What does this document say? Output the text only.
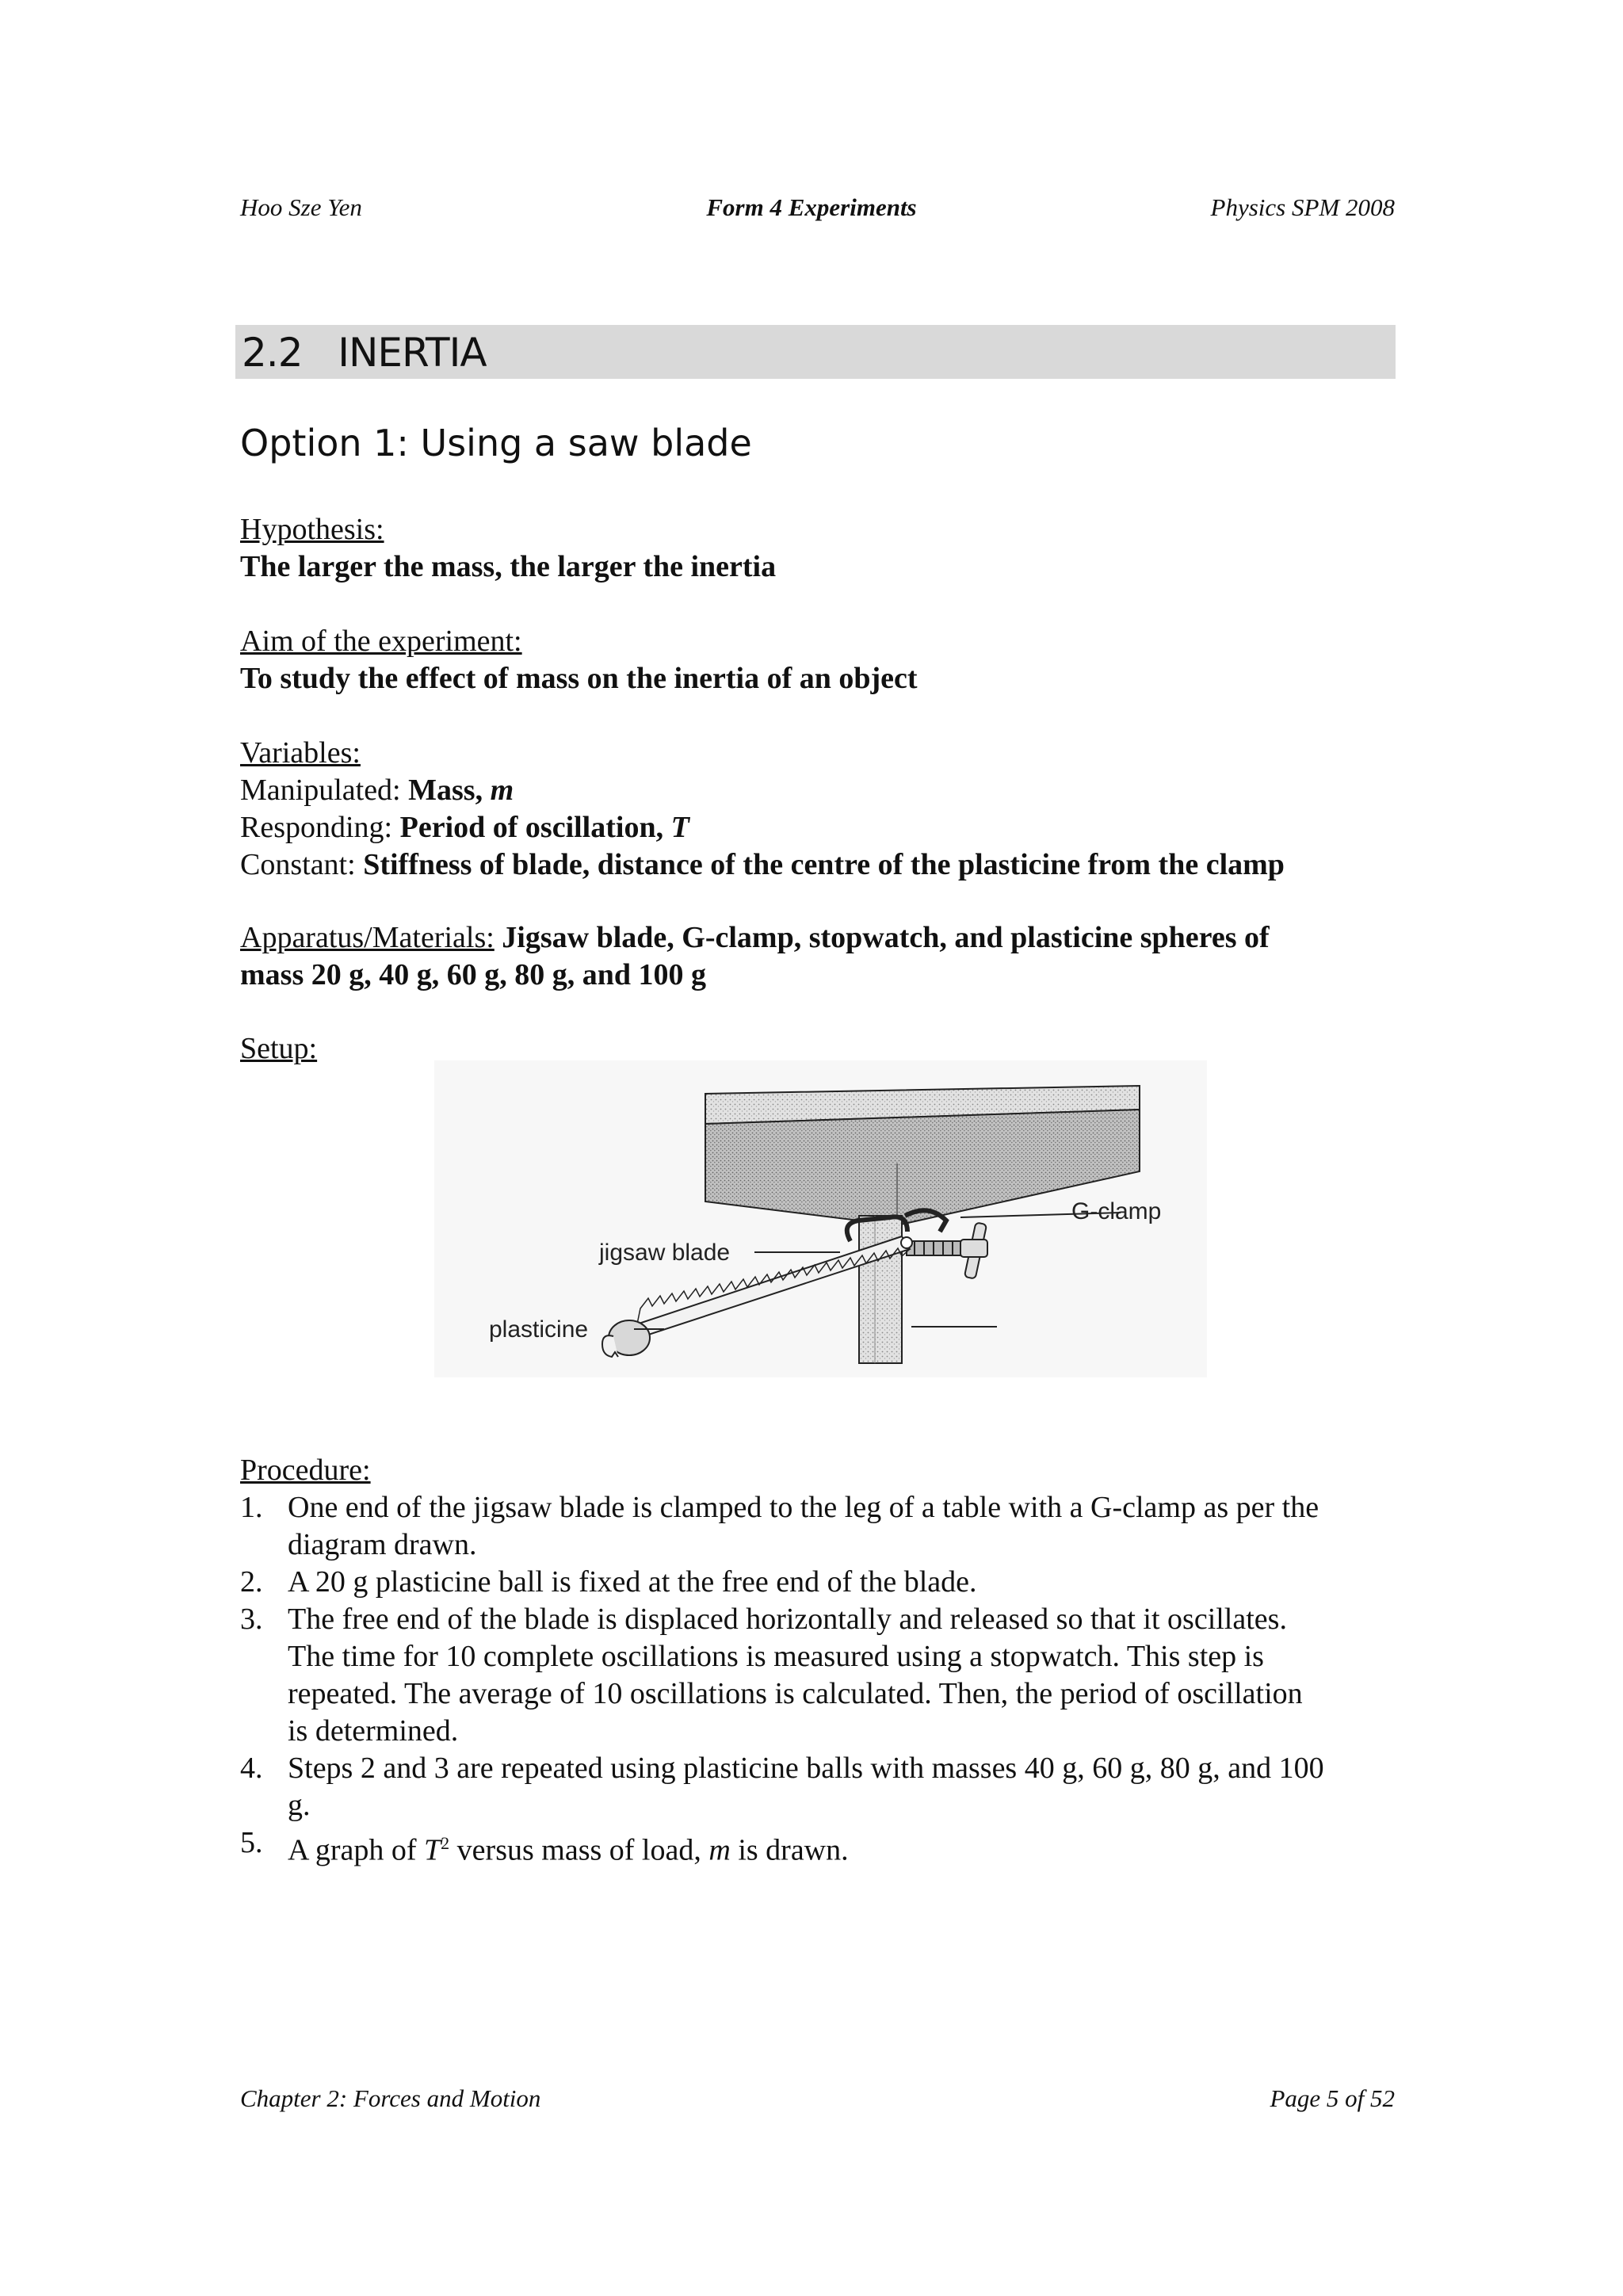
Hoo Sze Yen	Form 4 Experiments	Physics SPM 2008
2.2   INERTIA
Option 1: Using a saw blade
Hypothesis:
The larger the mass, the larger the inertia
Aim of the experiment:
To study the effect of mass on the inertia of an object
Variables:
Manipulated: Mass, m
Responding: Period of oscillation, T
Constant: Stiffness of blade, distance of the centre of the plasticine from the clamp
Apparatus/Materials: Jigsaw blade, G-clamp, stopwatch, and plasticine spheres of
mass 20 g, 40 g, 60 g, 80 g, and 100 g
Setup:
G-clamp
jigsaw blade
plasticine
Procedure:
1. One end of the jigsaw blade is clamped to the leg of a table with a G-clamp as per the
diagram drawn.
2. A 20 g plasticine ball is fixed at the free end of the blade.
3. The free end of the blade is displaced horizontally and released so that it oscillates.
The time for 10 complete oscillations is measured using a stopwatch. This step is
repeated. The average of 10 oscillations is calculated. Then, the period of oscillation
is determined.
4. Steps 2 and 3 are repeated using plasticine balls with masses 40 g, 60 g, 80 g, and 100
g.
5. A graph of $T^2$ versus mass of load, m is drawn.
Chapter 2: Forces and Motion	Page 5 of 52
